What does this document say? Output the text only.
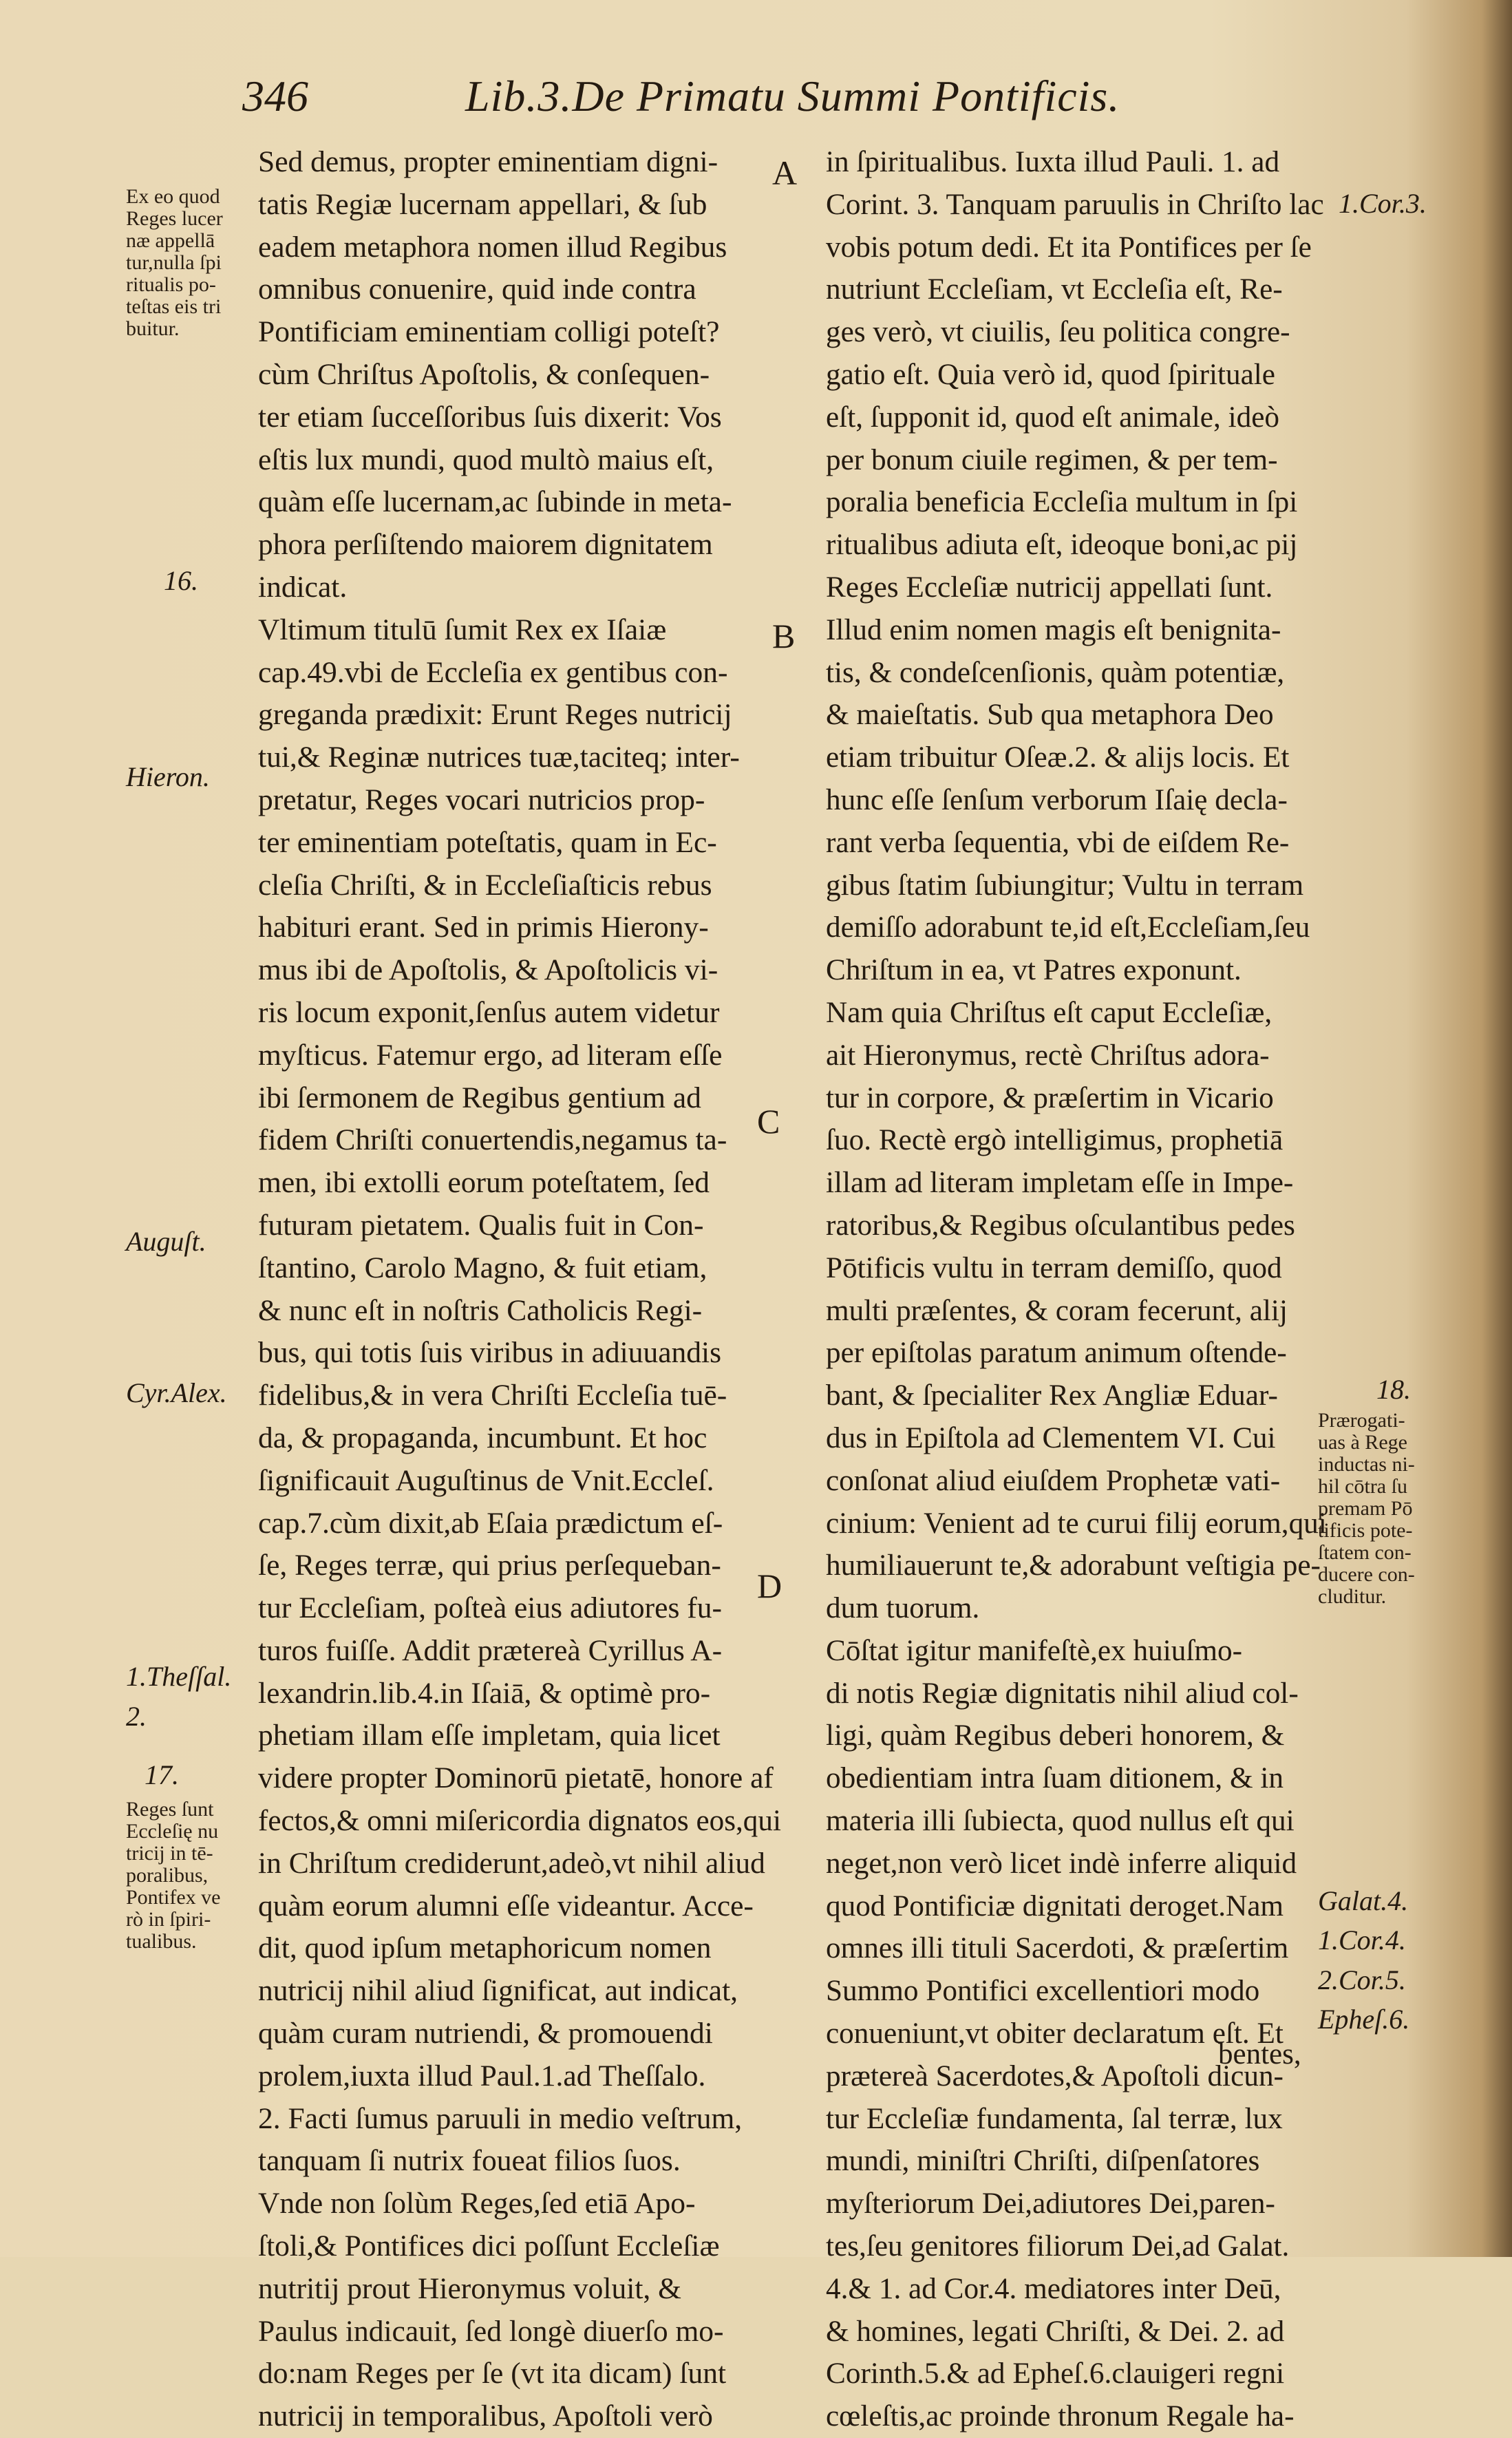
346	Lib.3.De Primatu Summi Pontificis.
Sed demus, propter eminentiam digni-
tatis Regiæ lucernam appellari, & ſub
eadem metaphora nomen illud Regibus
omnibus conuenire, quid inde contra
Pontificiam eminentiam colligi poteſt?
cùm Chriſtus Apoſtolis, & conſequen-
ter etiam ſucceſſoribus ſuis dixerit: Vos
eſtis lux mundi, quod multò maius eſt,
quàm eſſe lucernam,ac ſubinde in meta-
phora perſiſtendo maiorem dignitatem
indicat.
Vltimum titulū ſumit Rex ex Iſaiæ
cap.49.vbi de Eccleſia ex gentibus con-
greganda prædixit: Erunt Reges nutricij
tui,& Reginæ nutrices tuæ,taciteq; inter-
pretatur, Reges vocari nutricios prop-
ter eminentiam poteſtatis, quam in Ec-
cleſia Chriſti, & in Eccleſiaſticis rebus
habituri erant. Sed in primis Hierony-
mus ibi de Apoſtolis, & Apoſtolicis vi-
ris locum exponit,ſenſus autem videtur
myſticus. Fatemur ergo, ad literam eſſe
ibi ſermonem de Regibus gentium ad
fidem Chriſti conuertendis,negamus ta-
men, ibi extolli eorum poteſtatem, ſed
futuram pietatem. Qualis fuit in Con-
ſtantino, Carolo Magno, & fuit etiam,
& nunc eſt in noſtris Catholicis Regi-
bus, qui totis ſuis viribus in adiuuandis
fidelibus,& in vera Chriſti Eccleſia tuē-
da, & propaganda, incumbunt. Et hoc
ſignificauit Auguſtinus de Vnit.Eccleſ.
cap.7.cùm dixit,ab Eſaia prædictum eſ-
ſe, Reges terræ, qui prius perſequeban-
tur Eccleſiam, poſteà eius adiutores fu-
turos fuiſſe. Addit prætereà Cyrillus A-
lexandrin.lib.4.in Iſaiā, & optimè pro-
phetiam illam eſſe impletam, quia licet
videre propter Dominorū pietatē, honore af
fectos,& omni miſericordia dignatos eos,qui
in Chriſtum crediderunt,adeò,vt nihil aliud
quàm eorum alumni eſſe videantur. Acce-
dit, quod ipſum metaphoricum nomen
nutricij nihil aliud ſignificat, aut indicat,
quàm curam nutriendi, & promouendi
prolem,iuxta illud Paul.1.ad Theſſalo.
2. Facti ſumus paruuli in medio veſtrum,
tanquam ſi nutrix foueat filios ſuos.
Vnde non ſolùm Reges,ſed etiā Apo-
ſtoli,& Pontifices dici poſſunt Eccleſiæ
nutritij prout Hieronymus voluit, &
Paulus indicauit, ſed longè diuerſo mo-
do:nam Reges per ſe (vt ita dicam) ſunt
nutricij in temporalibus, Apoſtoli verò
in ſpiritualibus. Iuxta illud Pauli. 1. ad
Corint. 3. Tanquam paruulis in Chriſto lac
vobis potum dedi. Et ita Pontifices per ſe
nutriunt Eccleſiam, vt Eccleſia eſt, Re-
ges verò, vt ciuilis, ſeu politica congre-
gatio eſt. Quia verò id, quod ſpirituale
eſt, ſupponit id, quod eſt animale, ideò
per bonum ciuile regimen, & per tem-
poralia beneficia Eccleſia multum in ſpi
ritualibus adiuta eſt, ideoque boni,ac pij
Reges Eccleſiæ nutricij appellati ſunt.
Illud enim nomen magis eſt benignita-
tis, & condeſcenſionis, quàm potentiæ,
& maieſtatis. Sub qua metaphora Deo
etiam tribuitur Oſeæ.2. & alijs locis. Et
hunc eſſe ſenſum verborum Iſaię decla-
rant verba ſequentia, vbi de eiſdem Re-
gibus ſtatim ſubiungitur; Vultu in terram
demiſſo adorabunt te,id eſt,Eccleſiam,ſeu
Chriſtum in ea, vt Patres exponunt.
Nam quia Chriſtus eſt caput Eccleſiæ,
ait Hieronymus, rectè Chriſtus adora-
tur in corpore, & præſertim in Vicario
ſuo. Rectè ergò intelligimus, prophetiā
illam ad literam impletam eſſe in Impe-
ratoribus,& Regibus oſculantibus pedes
Pōtificis vultu in terram demiſſo, quod
multi præſentes, & coram fecerunt, alij
per epiſtolas paratum animum oſtende-
bant, & ſpecialiter Rex Angliæ Eduar-
dus in Epiſtola ad Clementem VI. Cui
conſonat aliud eiuſdem Prophetæ vati-
cinium: Venient ad te curui filij eorum,qui
humiliauerunt te,& adorabunt veſtigia pe-
dum tuorum.
Cōſtat igitur manifeſtè,ex huiuſmo-
di notis Regiæ dignitatis nihil aliud col-
ligi, quàm Regibus deberi honorem, &
obedientiam intra ſuam ditionem, & in
materia illi ſubiecta, quod nullus eſt qui
neget,non verò licet indè inferre aliquid
quod Pontificiæ dignitati deroget.Nam
omnes illi tituli Sacerdoti, & præſertim
Summo Pontifici excellentiori modo
conueniunt,vt obiter declaratum eſt. Et
prætereà Sacerdotes,& Apoſtoli dicun-
tur Eccleſiæ fundamenta, ſal terræ, lux
mundi, miniſtri Chriſti, diſpenſatores
myſteriorum Dei,adiutores Dei,paren-
tes,ſeu genitores filiorum Dei,ad Galat.
4.& 1. ad Cor.4. mediatores inter Deū,
& homines, legati Chriſti, & Dei. 2. ad
Corinth.5.& ad Epheſ.6.clauigeri regni
cœleſtis,ac proinde thronum Regale ha-
A
B
C
D
Ex eo quod
Reges lucer
næ appellā
tur,nulla ſpi
ritualis po-
teſtas eis tri
buitur.
16.
Hieron.
Auguſt.
Cyr.Alex.
1.Theſſal.
2.
17.
Reges ſunt
Eccleſię nu
tricij in tē-
poralibus,
Pontifex ve
rò in ſpiri-
tualibus.
1.Cor.3.
18.
Prærogati-
uas à Rege
inductas ni-
hil cōtra ſu
premam Pō
tificis pote-
ſtatem con-
ducere con-
cluditur.
Galat.4.
1.Cor.4.
2.Cor.5.
Epheſ.6.
bentes,
